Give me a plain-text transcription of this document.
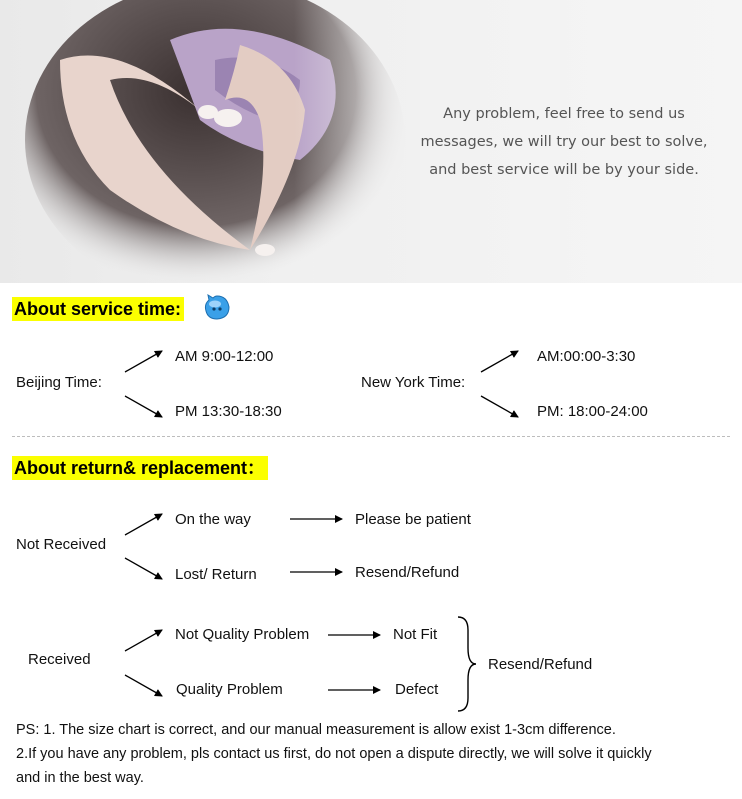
Any problem, feel free to send us
messages, we will try our best to solve,
and best service will be by your side.
About service time:
Beijing Time:
AM 9:00-12:00
PM 13:30-18:30
New York Time:
AM:00:00-3:30
PM: 18:00-24:00
About return& replacement：
Not Received
On the way	Please be patient
Lost/ Return	Resend/Refund
Received
Not Quality Problem	Not Fit
Quality Problem	Defect
Resend/Refund
PS: 1. The size chart is correct, and our manual measurement is allow exist 1-3cm difference.
2.If you have any problem, pls contact us first, do not open a dispute directly, we will solve it quickly
and in the best way.
